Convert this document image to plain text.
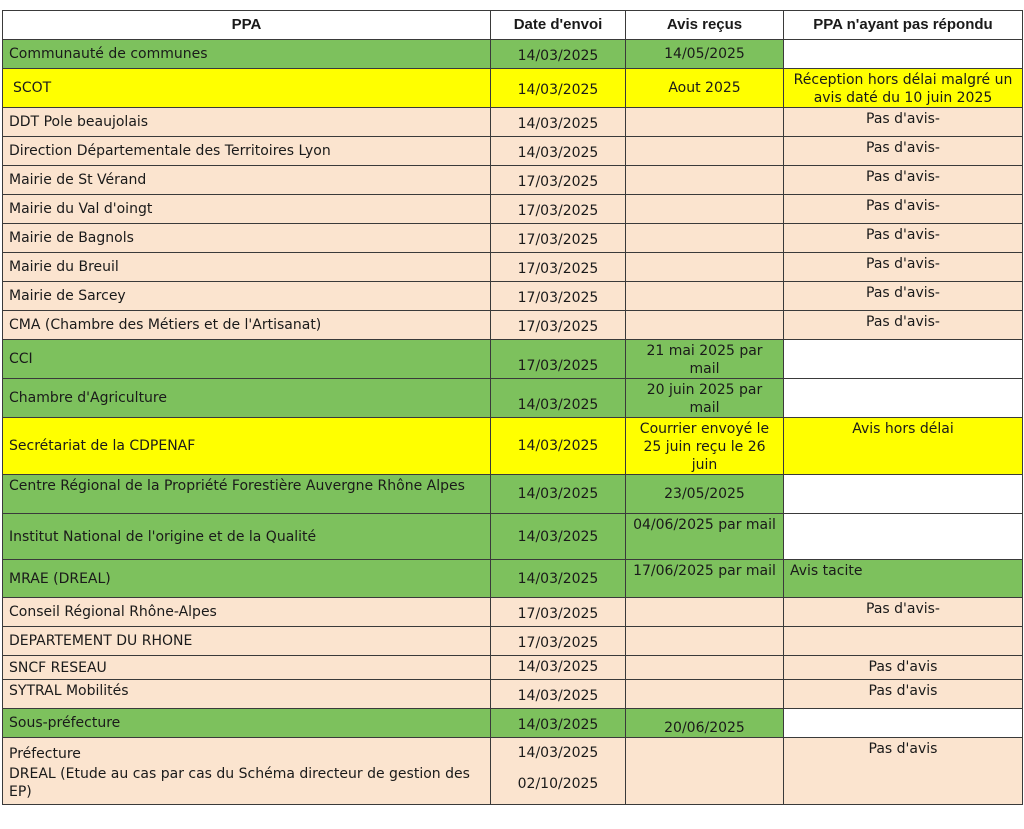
PPA	Date d'envoi	Avis reçus	PPA n'ayant pas répondu
Communauté de communes	14/03/2025	14/05/2025	
SCOT	14/03/2025	Aout 2025	Réception hors délai malgré un avis daté du 10 juin 2025
DDT Pole beaujolais	14/03/2025		Pas d'avis-
Direction Départementale des Territoires Lyon	14/03/2025		Pas d'avis-
Mairie de St Vérand	17/03/2025		Pas d'avis-
Mairie du Val d'oingt	17/03/2025		Pas d'avis-
Mairie de Bagnols	17/03/2025		Pas d'avis-
Mairie du Breuil	17/03/2025		Pas d'avis-
Mairie de Sarcey	17/03/2025		Pas d'avis-
CMA (Chambre des Métiers et de l'Artisanat)	17/03/2025		Pas d'avis-
CCI	17/03/2025	21 mai 2025 par mail	
Chambre d'Agriculture	14/03/2025	20 juin 2025 par mail	
Secrétariat de la CDPENAF	14/03/2025	Courrier envoyé le 25 juin reçu le 26 juin	Avis hors délai
Centre Régional de la Propriété Forestière Auvergne Rhône Alpes	14/03/2025	23/05/2025	
Institut National de l'origine et de la Qualité	14/03/2025	04/06/2025 par mail	
MRAE (DREAL)	14/03/2025	17/06/2025 par mail	Avis tacite
Conseil Régional Rhône-Alpes	17/03/2025		Pas d'avis-
DEPARTEMENT DU RHONE	17/03/2025		
SNCF RESEAU	14/03/2025		Pas d'avis
SYTRAL Mobilités	14/03/2025		Pas d'avis
Sous-préfecture	14/03/2025	20/06/2025	
Préfecture	14/03/2025		Pas d'avis
DREAL (Etude au cas par cas du Schéma directeur de gestion des EP)	02/10/2025		
